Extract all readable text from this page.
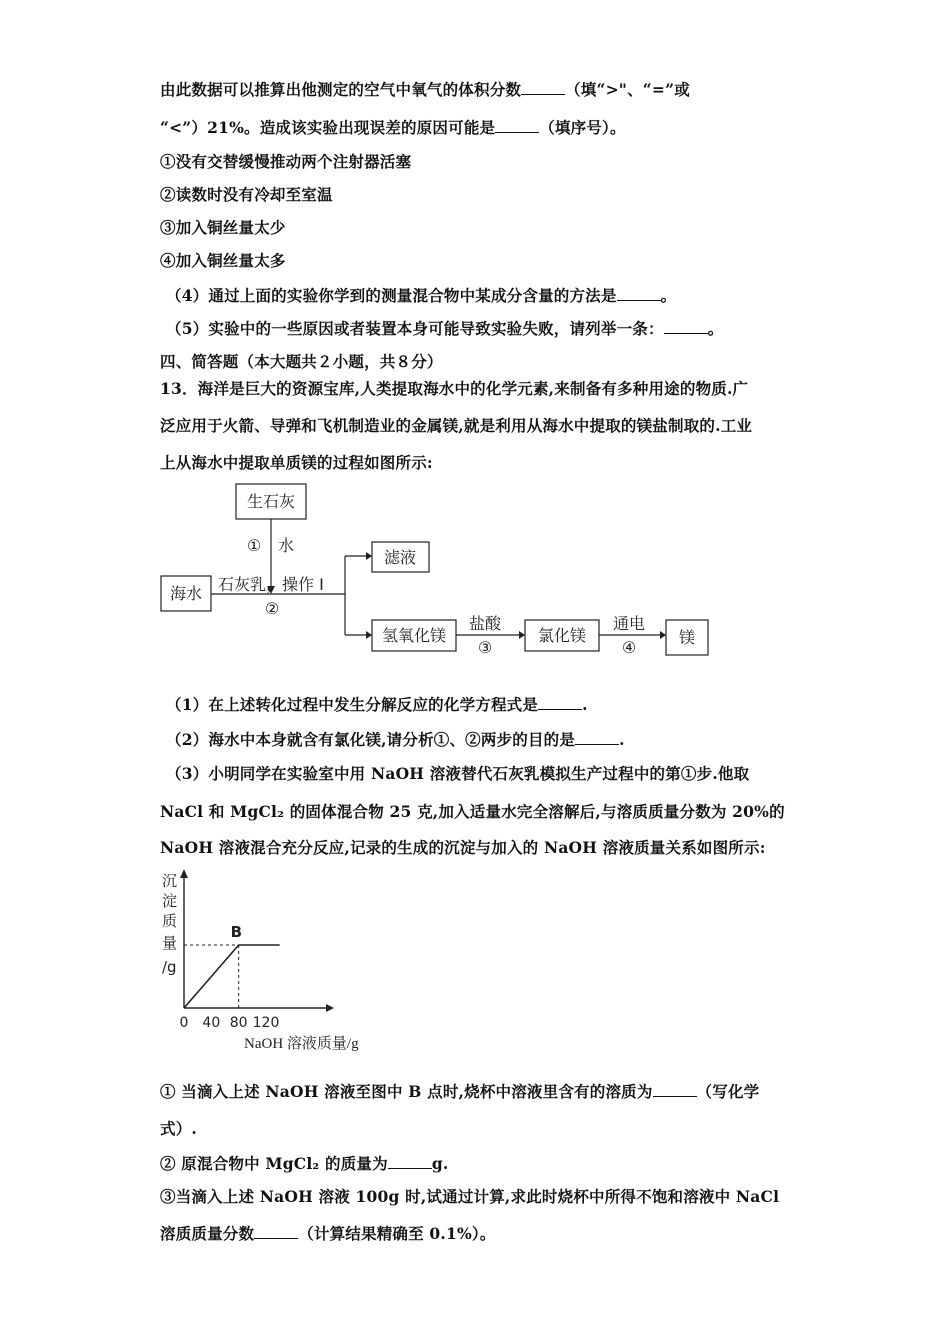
由此数据可以推算出他测定的空气中氧气的体积分数	（填“>"、“=”或
“<”）21%。造成该实验出现误差的原因可能是	（填序号）。
①没有交替缓慢推动两个注射器活塞
②读数时没有冷却至室温
③加入铜丝量太少
④加入铜丝量太多
（4）通过上面的实验你学到的测量混合物中某成分含量的方法是	。
（5）实验中的一些原因或者装置本身可能导致实验失败，请列举一条：	。
四、简答题（本大题共２小题，共８分）
13．海洋是巨大的资源宝库,人类提取海水中的化学元素,来制备有多种用途的物质.广
泛应用于火箭、导弹和飞机制造业的金属镁,就是利用从海水中提取的镁盐制取的.工业
上从海水中提取单质镁的过程如图所示:
生石灰
① 水
海水 石灰乳，操作 I
②
滤液
氢氧化镁
盐酸
③
氯化镁
通电
④
镁
（1）在上述转化过程中发生分解反应的化学方程式是	.
（2）海水中本身就含有氯化镁,请分析①、②两步的目的是	.
（3）小明同学在实验室中用 NaOH 溶液替代石灰乳模拟生产过程中的第①步.他取
NaCl 和 MgCl₂ 的固体混合物 25 克,加入适量水完全溶解后,与溶质质量分数为 20%的
NaOH 溶液混合充分反应,记录的生成的沉淀与加入的 NaOH 溶液质量关系如图所示:
沉
淀
质
量
/g
B
0 40 80 120
NaOH 溶液质量/g
① 当滴入上述 NaOH 溶液至图中 B 点时,烧杯中溶液里含有的溶质为	（写化学
式）.
② 原混合物中 MgCl₂ 的质量为	g.
③当滴入上述 NaOH 溶液 100g 时,试通过计算,求此时烧杯中所得不饱和溶液中 NaCl
溶质质量分数	（计算结果精确至 0.1%）。
